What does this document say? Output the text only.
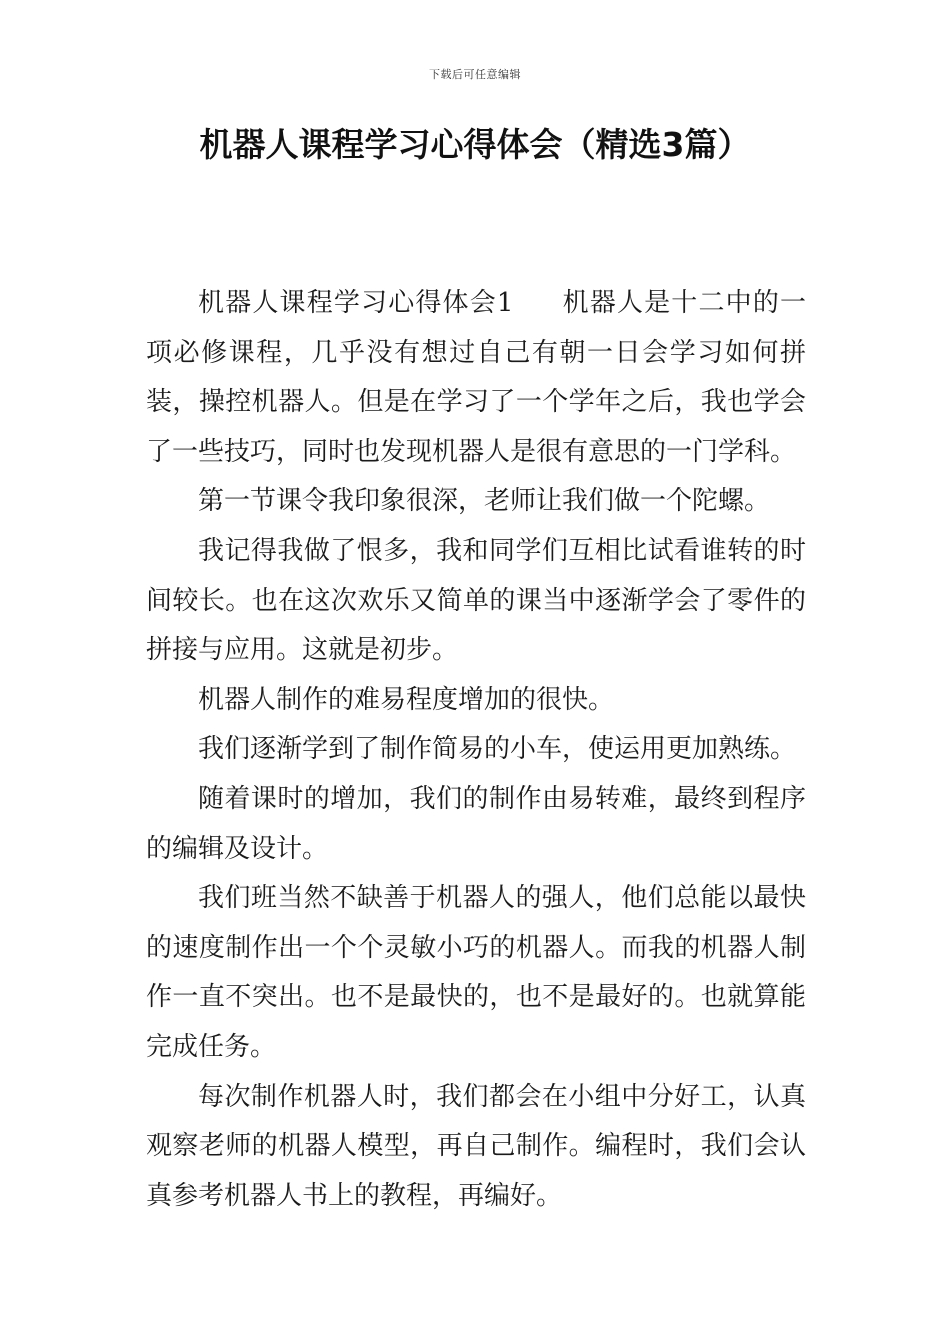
下载后可任意编辑
机器人课程学习心得体会（精选3篇）

机器人课程学习心得体会1 机器人是十二中的一项必修课程，几乎没有想过自己有朝一日会学习如何拼装，操控机器人。但是在学习了一个学年之后，我也学会了一些技巧，同时也发现机器人是很有意思的一门学科。

第一节课令我印象很深，老师让我们做一个陀螺。

我记得我做了恨多，我和同学们互相比试看谁转的时间较长。也在这次欢乐又简单的课当中逐渐学会了零件的拼接与应用。这就是初步。

机器人制作的难易程度增加的很快。

我们逐渐学到了制作简易的小车，使运用更加熟练。

随着课时的增加，我们的制作由易转难，最终到程序的编辑及设计。

我们班当然不缺善于机器人的强人，他们总能以最快的速度制作出一个个灵敏小巧的机器人。而我的机器人制作一直不突出。也不是最快的，也不是最好的。也就算能完成任务。

每次制作机器人时，我们都会在小组中分好工，认真观察老师的机器人模型，再自己制作。编程时，我们会认真参考机器人书上的教程，再编好。
